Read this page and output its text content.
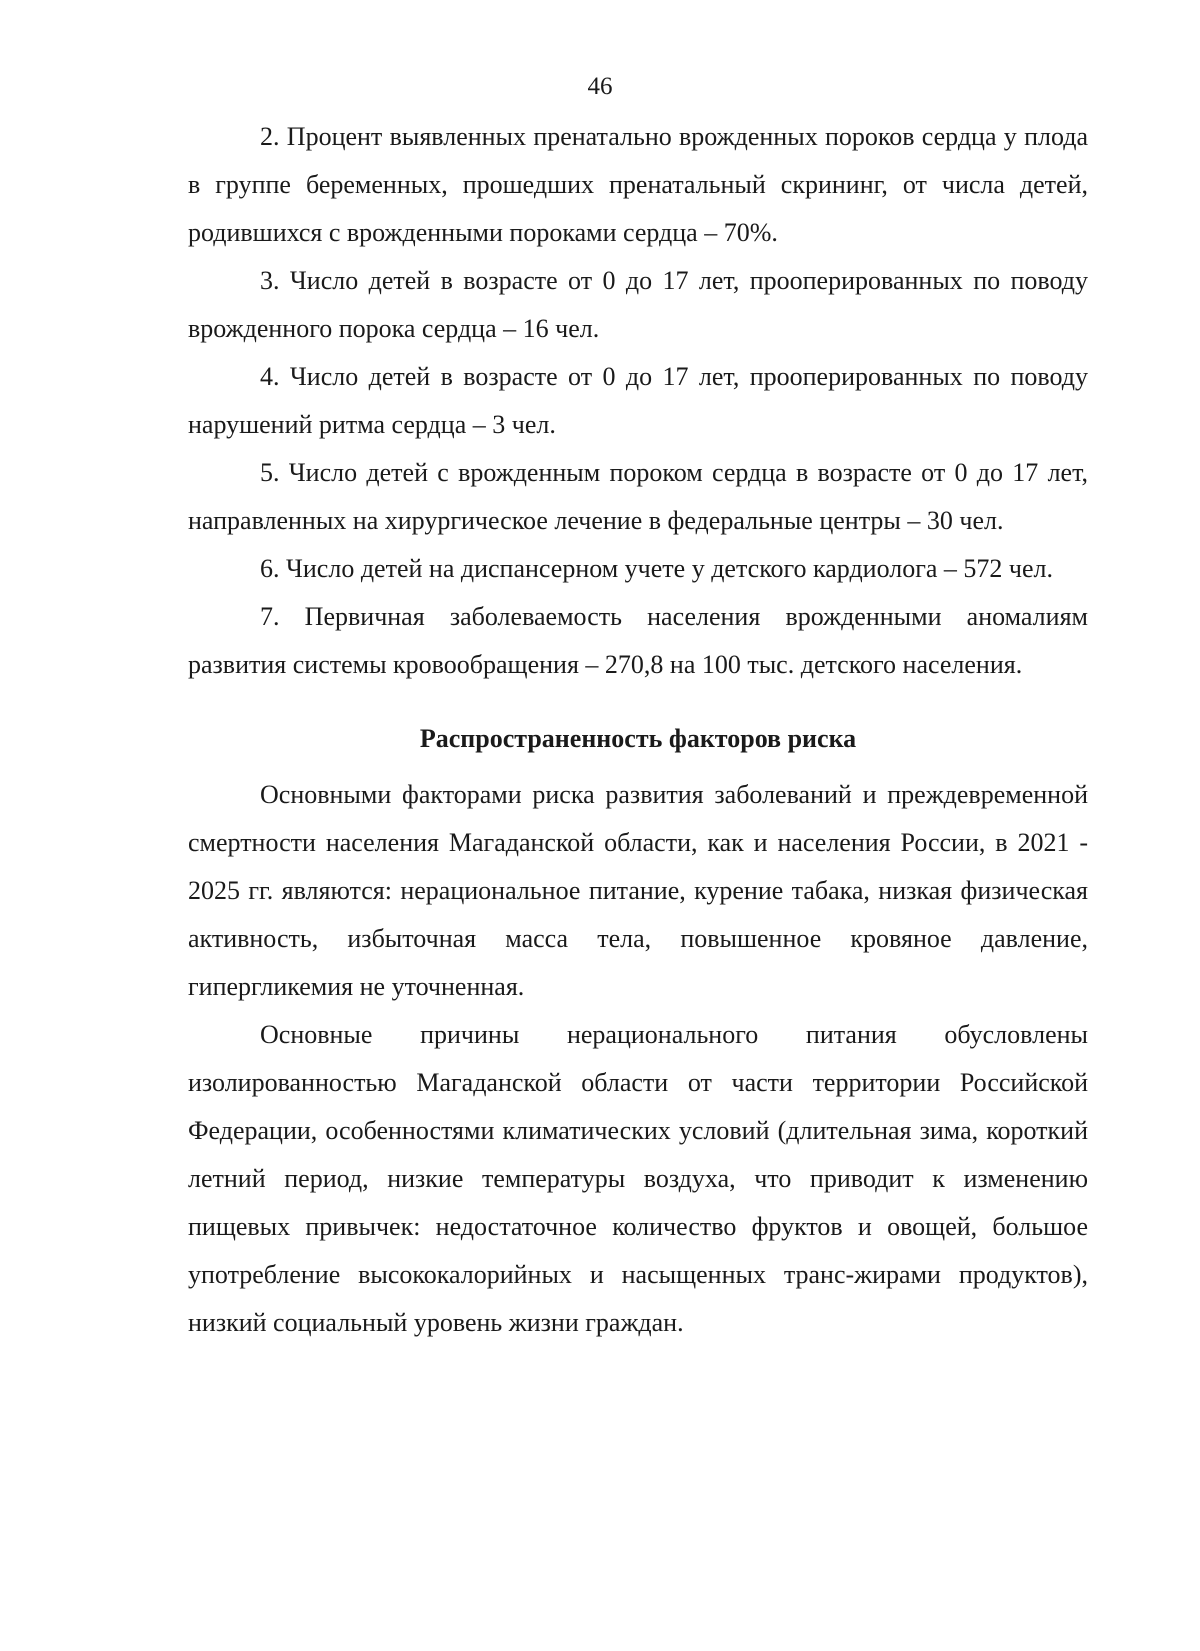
46

2. Процент выявленных пренатально врожденных пороков сердца у плода в группе беременных, прошедших пренатальный скрининг, от числа детей, родившихся с врожденными пороками сердца – 70%.

3. Число детей в возрасте от 0 до 17 лет, прооперированных по поводу врожденного порока сердца – 16 чел.

4. Число детей в возрасте от 0 до 17 лет, прооперированных по поводу нарушений ритма сердца – 3 чел.

5. Число детей с врожденным пороком сердца в возрасте от 0 до 17 лет, направленных на хирургическое лечение в федеральные центры – 30 чел.

6. Число детей на диспансерном учете у детского кардиолога – 572 чел.

7. Первичная заболеваемость населения врожденными аномалиям развития системы кровообращения – 270,8 на 100 тыс. детского населения.

Распространенность факторов риска

Основными факторами риска развития заболеваний и преждевременной смертности населения Магаданской области, как и населения России, в 2021 - 2025 гг. являются: нерациональное питание, курение табака, низкая физическая активность, избыточная масса тела, повышенное кровяное давление, гипергликемия не уточненная.

Основные причины нерационального питания обусловлены изолированностью Магаданской области от части территории Российской Федерации, особенностями климатических условий (длительная зима, короткий летний период, низкие температуры воздуха, что приводит к изменению пищевых привычек: недостаточное количество фруктов и овощей, большое употребление высококалорийных и насыщенных транс-жирами продуктов), низкий социальный уровень жизни граждан.
